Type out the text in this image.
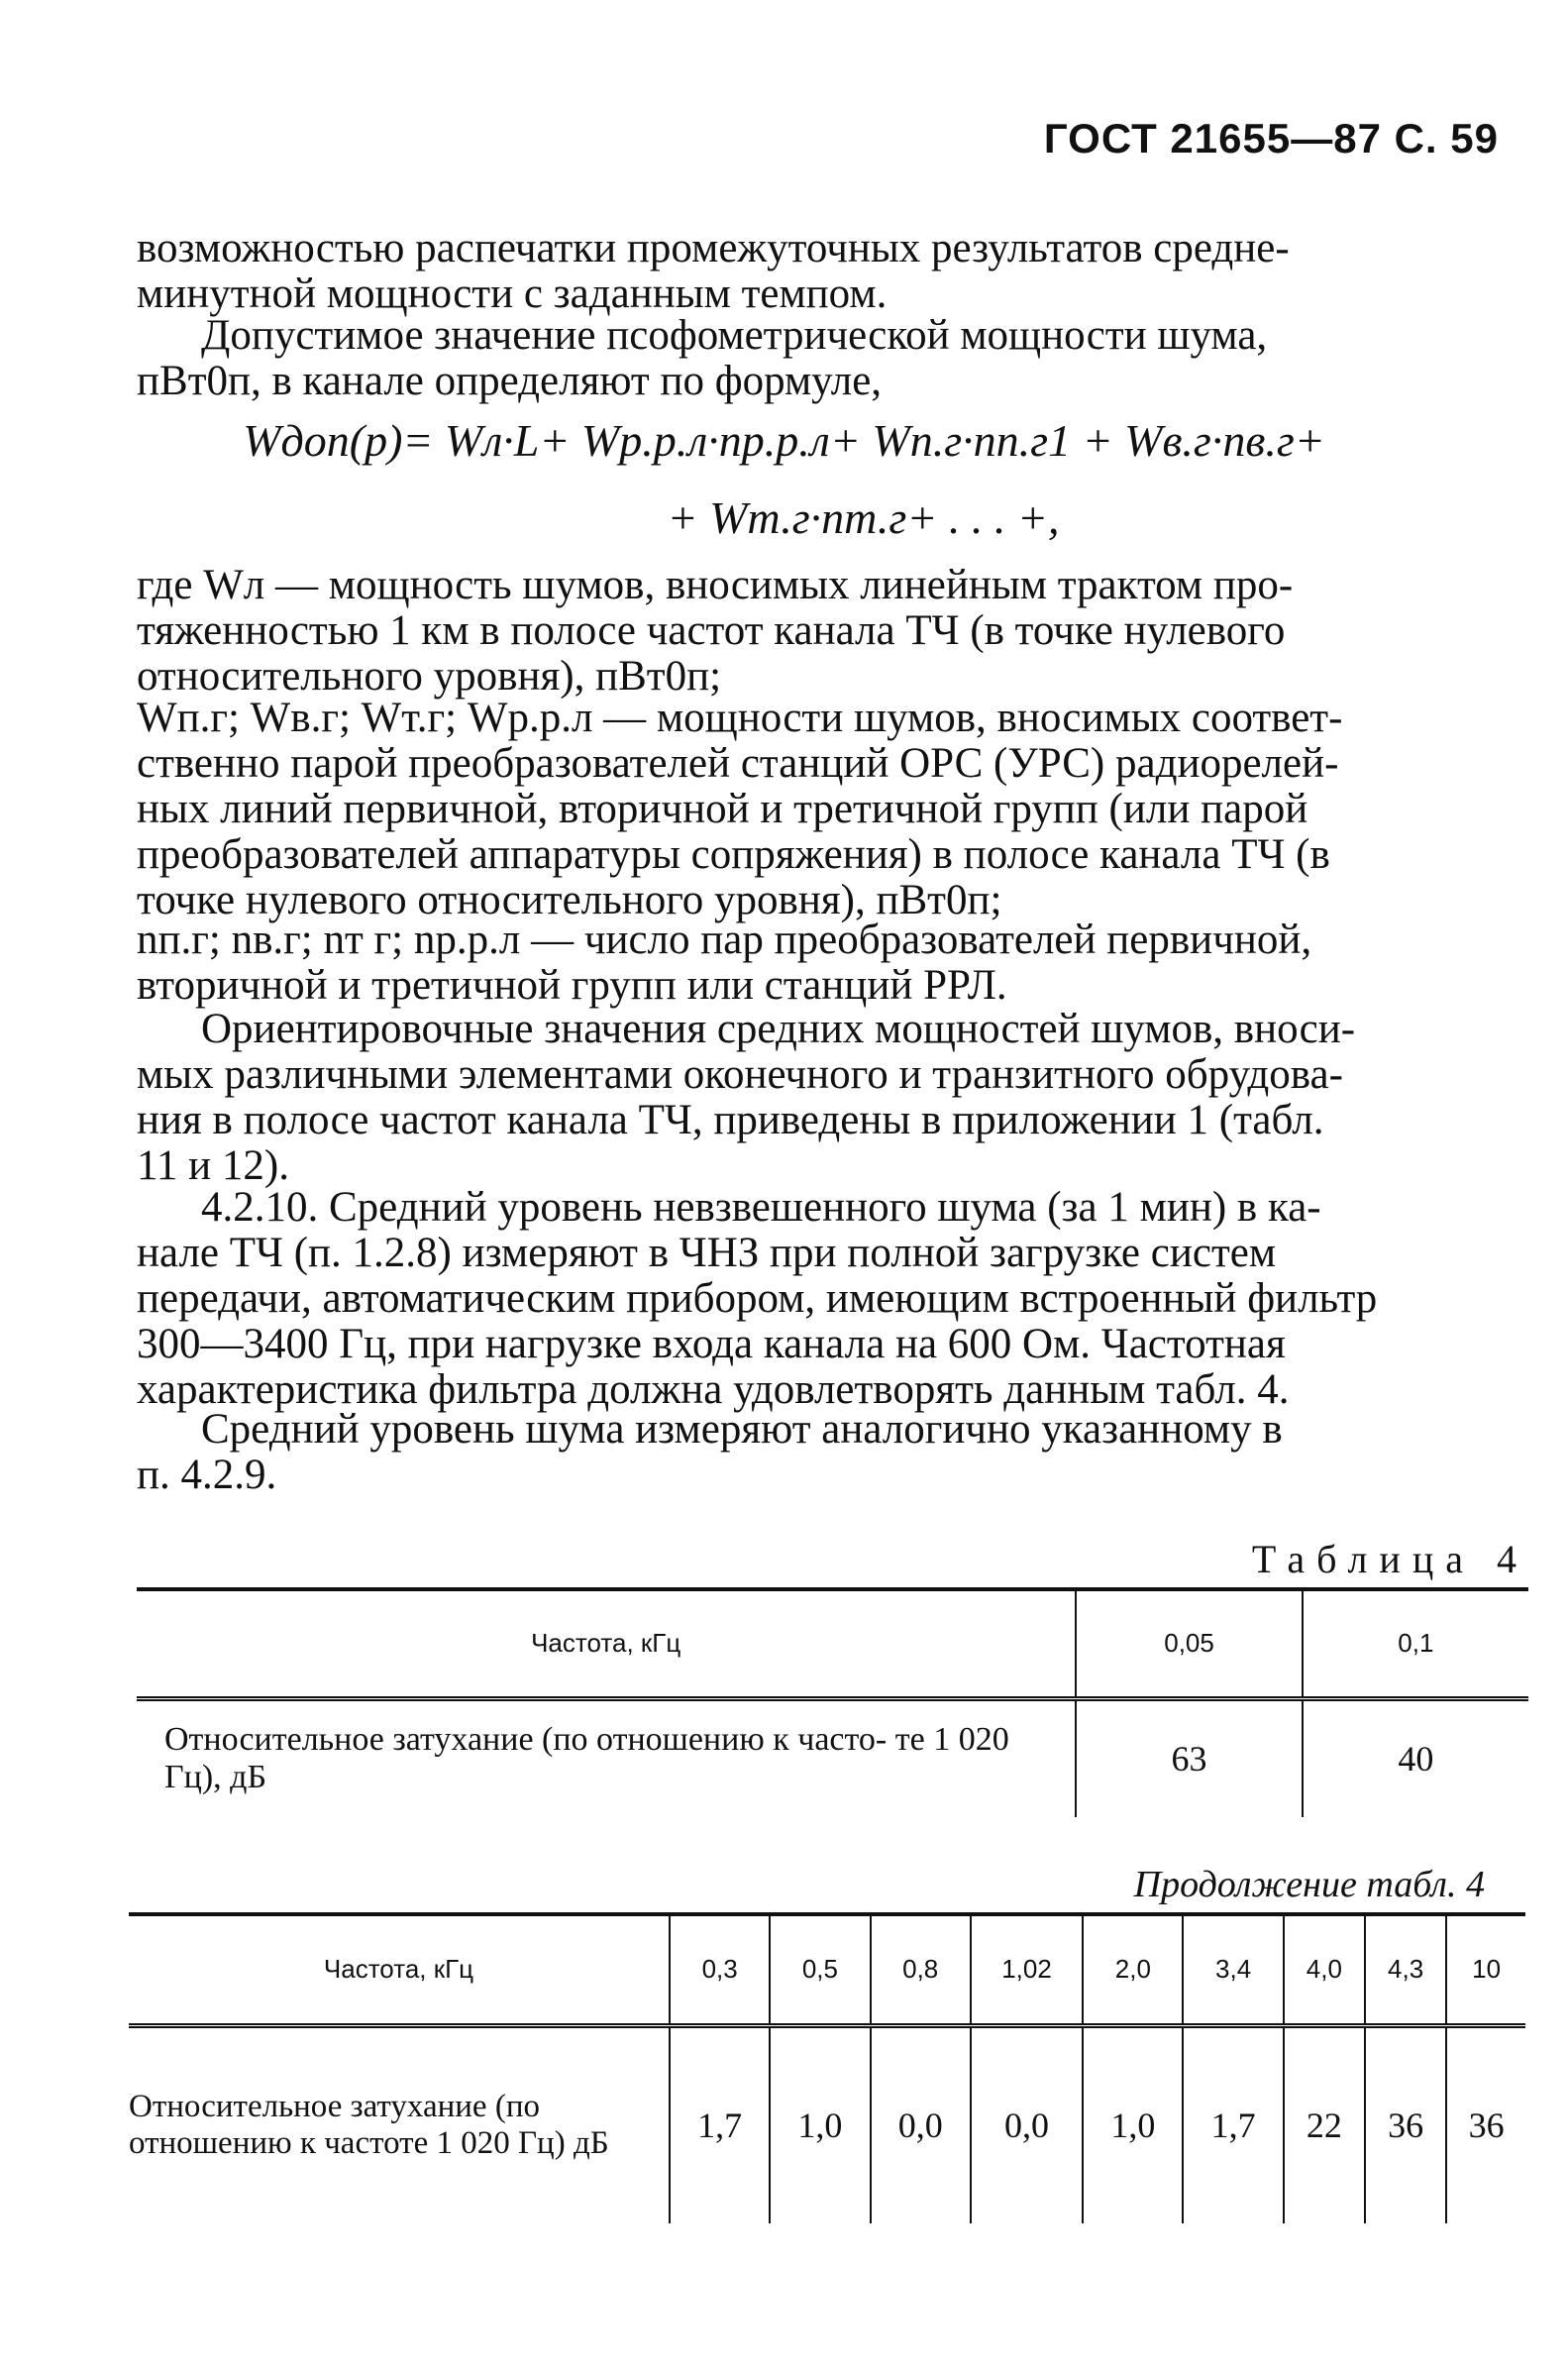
ГОСТ 21655—87 С. 59

возможностью распечатки промежуточных результатов средне-
минутной мощности с заданным темпом.

Допустимое значение псофометрической мощности шума,
пВт0п, в канале определяют по формуле,

Wдоп(p)= Wл·L+ Wр.р.л·nр.р.л+ Wп.г·nп.г1 + Wв.г·nв.г+
+ Wт.г·nт.г+ . . . +,

где Wл — мощность шумов, вносимых линейным трактом про-
тяженностью 1 км в полосе частот канала ТЧ (в точке нулевого
относительного уровня), пВт0п;

Wп.г; Wв.г; Wт.г; Wр.р.л — мощности шумов, вносимых соответ-
ственно парой преобразователей станций ОРС (УРС) радиорелей-
ных линий первичной, вторичной и третичной групп (или парой
преобразователей аппаратуры сопряжения) в полосе канала ТЧ (в
точке нулевого относительного уровня), пВт0п;

nп.г; nв.г; nт г; nр.р.л — число пар преобразователей первичной,
вторичной и третичной групп или станций РРЛ.

Ориентировочные значения средних мощностей шумов, вноси-
мых различными элементами оконечного и транзитного обрудова-
ния в полосе частот канала ТЧ, приведены в приложении 1 (табл.
11 и 12).

4.2.10. Средний уровень невзвешенного шума (за 1 мин) в ка-
нале ТЧ (п. 1.2.8) измеряют в ЧНЗ при полной загрузке систем
передачи, автоматическим прибором, имеющим встроенный фильтр
300—3400 Гц, при нагрузке входа канала на 600 Ом. Частотная
характеристика фильтра должна удовлетворять данным табл. 4.

Средний уровень шума измеряют аналогично указанному в
п. 4.2.9.

Таблица 4
Частота, кГц	0,05	0,1
Относительное затухание (по отношению к часто- те 1 020 Гц), дБ	63	40
Продолжение табл. 4
Частота, кГц	0,3	0,5	0,8	1,02	2,0	3,4	4,0	4,3	10
Относительное затухание (по отношению к частоте 1 020 Гц) дБ	1,7	1,0	0,0	0,0	1,0	1,7	22	36	36
